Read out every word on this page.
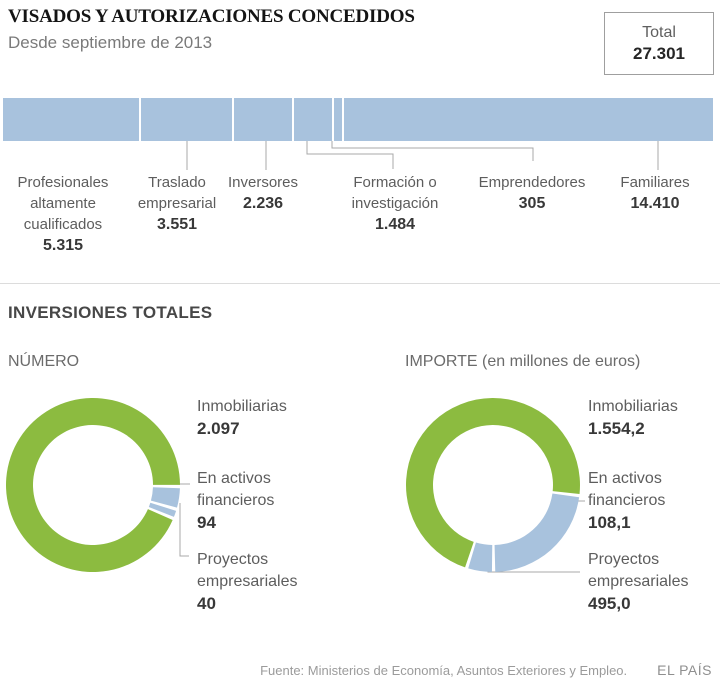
VISADOS Y AUTORIZACIONES CONCEDIDOS
Desde septiembre de 2013
Total
27.301
Profesionales
altamente
cualificados
5.315
Traslado
empresarial
3.551
Inversores
2.236
Formación o
investigación
1.484
Emprendedores
305
Familiares
14.410
INVERSIONES TOTALES
NÚMERO	IMPORTE (en millones de euros)
Inmobiliarias
2.097
En activos
financieros
94
Proyectos
empresariales
40
Inmobiliarias
1.554,2
En activos
financieros
108,1
Proyectos
empresariales
495,0
Fuente: Ministerios de Economía, Asuntos Exteriores y Empleo. EL PAÍS
